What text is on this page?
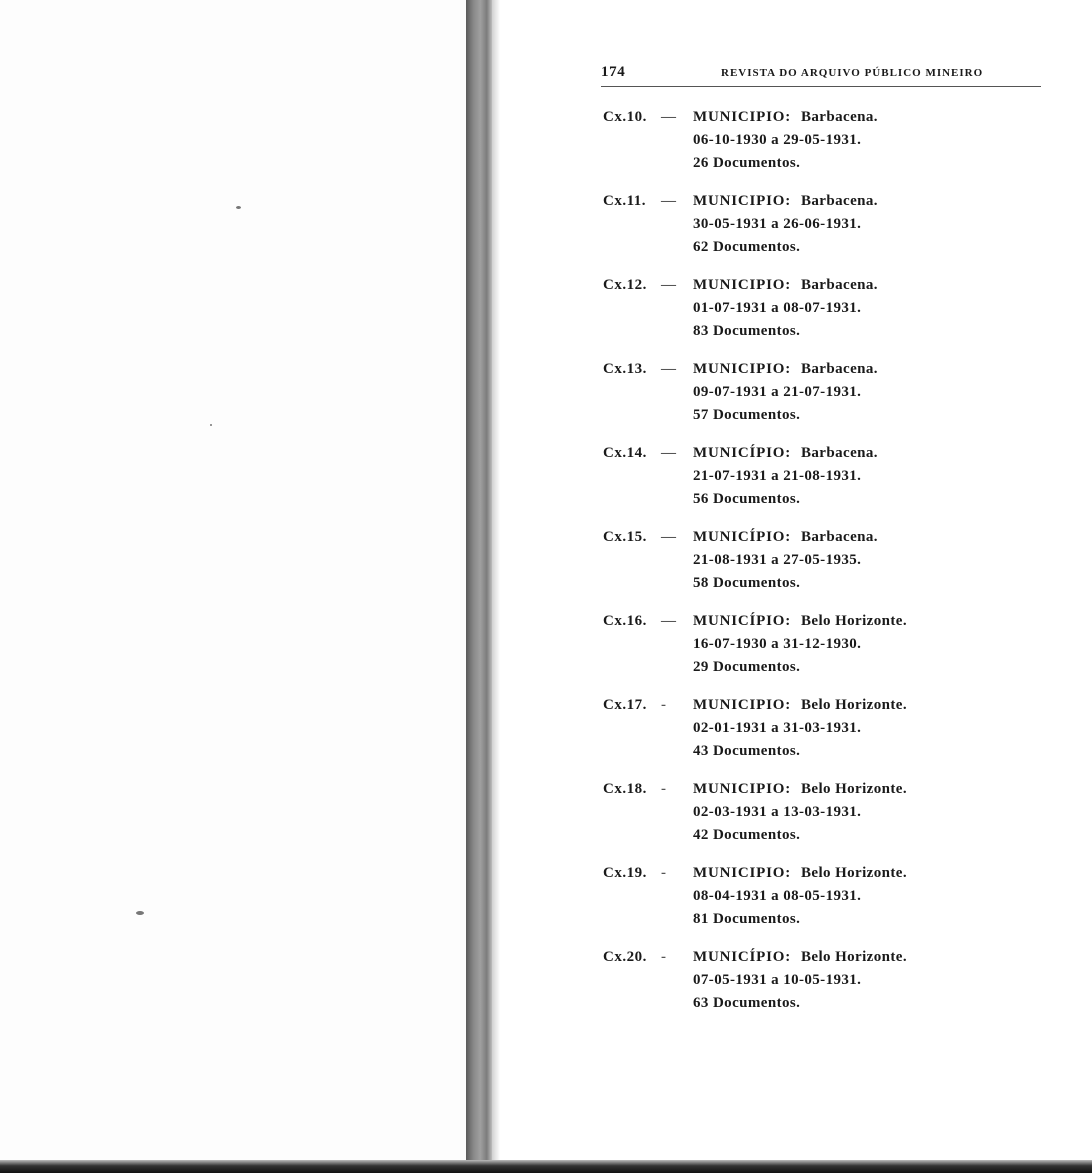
174	REVISTA DO ARQUIVO PÚBLICO MINEIRO
Cx.10. — MUNICIPIO: Barbacena.
06-10-1930 a 29-05-1931.
26 Documentos.
Cx.11. — MUNICIPIO: Barbacena.
30-05-1931 a 26-06-1931.
62 Documentos.
Cx.12. — MUNICIPIO: Barbacena.
01-07-1931 a 08-07-1931.
83 Documentos.
Cx.13. — MUNICIPIO: Barbacena.
09-07-1931 a 21-07-1931.
57 Documentos.
Cx.14. — MUNICÍPIO: Barbacena.
21-07-1931 a 21-08-1931.
56 Documentos.
Cx.15. — MUNICÍPIO: Barbacena.
21-08-1931 a 27-05-1935.
58 Documentos.
Cx.16. — MUNICÍPIO: Belo Horizonte.
16-07-1930 a 31-12-1930.
29 Documentos.
Cx.17. - MUNICIPIO: Belo Horizonte.
02-01-1931 a 31-03-1931.
43 Documentos.
Cx.18. - MUNICIPIO: Belo Horizonte.
02-03-1931 a 13-03-1931.
42 Documentos.
Cx.19. - MUNICIPIO: Belo Horizonte.
08-04-1931 a 08-05-1931.
81 Documentos.
Cx.20. - MUNICÍPIO: Belo Horizonte.
07-05-1931 a 10-05-1931.
63 Documentos.
